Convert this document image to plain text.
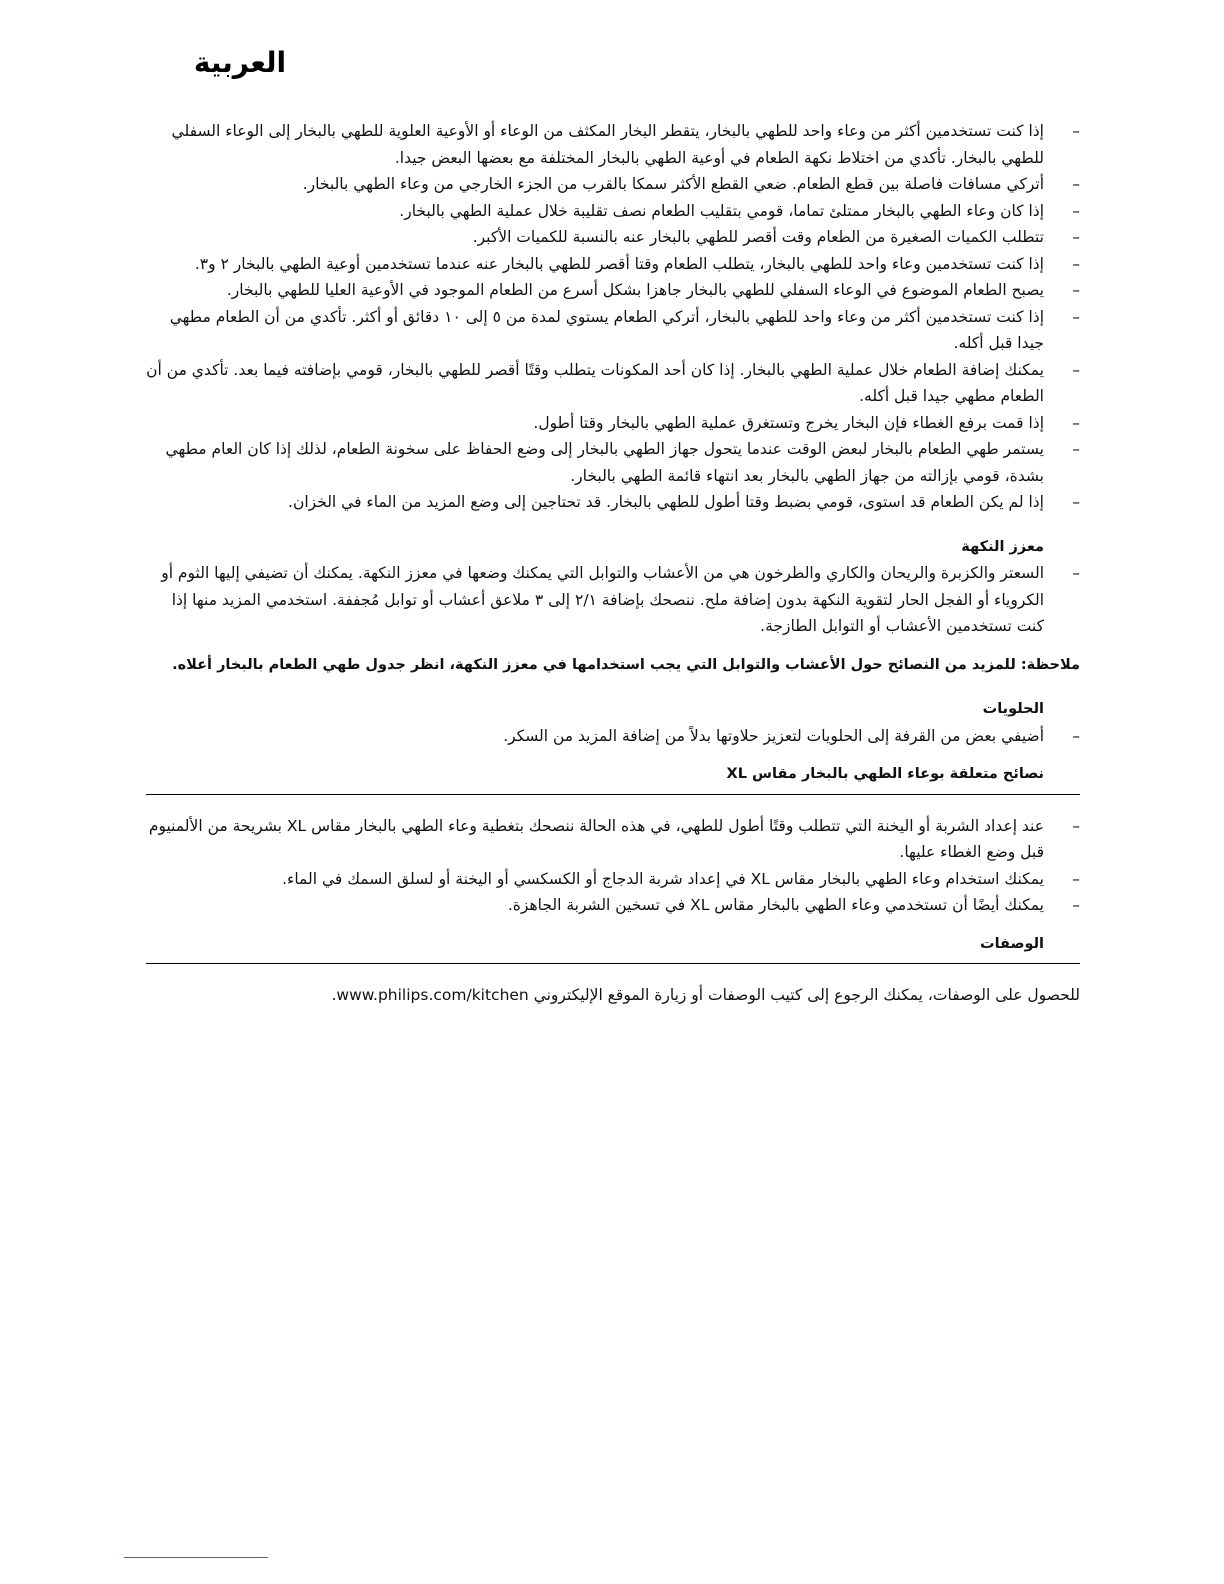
العربية
–
إذا كنت تستخدمين أكثر من وعاء واحد للطهي بالبخار، يتقطر البخار المكثف من الوعاء أو الأوعية العلوية للطهي بالبخار إلى الوعاء السفلي للطهي بالبخار. تأكدي من اختلاط نكهة الطعام في أوعية الطهي بالبخار المختلفة مع بعضها البعض جيدا.
–
أتركي مسافات فاصلة بين قطع الطعام. ضعي القطع الأكثر سمكا بالقرب من الجزء الخارجي من وعاء الطهي بالبخار.
–
إذا كان وعاء الطهي بالبخار ممتلئ تماما، قومي بتقليب الطعام نصف تقليبة خلال عملية الطهي بالبخار.
–
تتطلب الكميات الصغيرة من الطعام وقت أقصر للطهي بالبخار عنه بالنسبة للكميات الأكبر.
–
إذا كنت تستخدمين وعاء واحد للطهي بالبخار، يتطلب الطعام وقتا أقصر للطهي بالبخار عنه عندما تستخدمين أوعية الطهي بالبخار ٢ و٣.
–
يصبح الطعام الموضوع في الوعاء السفلي للطهي بالبخار جاهزا بشكل أسرع من الطعام الموجود في الأوعية العليا للطهي بالبخار.
–
إذا كنت تستخدمين أكثر من وعاء واحد للطهي بالبخار، أتركي الطعام يستوي لمدة من ٥ إلى ١٠ دقائق أو أكثر. تأكدي من أن الطعام مطهي جيدا قبل أكله.
–
يمكنك إضافة الطعام خلال عملية الطهي بالبخار. إذا كان أحد المكونات يتطلب وقتًا أقصر للطهي بالبخار، قومي بإضافته فيما بعد. تأكدي من أن الطعام مطهي جيدا قبل أكله.
–
إذا قمت برفع الغطاء فإن البخار يخرج وتستغرق عملية الطهي بالبخار وقتا أطول.
–
يستمر طهي الطعام بالبخار لبعض الوقت عندما يتحول جهاز الطهي بالبخار إلى وضع الحفاظ على سخونة الطعام، لذلك إذا كان العام مطهي بشدة، قومي بإزالته من جهاز الطهي بالبخار بعد انتهاء قائمة الطهي بالبخار.
–
إذا لم يكن الطعام قد استوى، قومي بضبط وقتا أطول للطهي بالبخار. قد تحتاجين إلى وضع المزيد من الماء في الخزان.
معزز النكهة
–
السعتر والكزبرة والريحان والكاري والطرخون هي من الأعشاب والتوابل التي يمكنك وضعها في معزز النكهة. يمكنك أن تضيفي إليها الثوم أو الكروياء أو الفجل الحار لتقوية النكهة بدون إضافة ملح. ننصحك بإضافة ٢/١ إلى ٣ ملاعق أعشاب أو توابل مُجففة. استخدمي المزيد منها إذا كنت تستخدمين الأعشاب أو التوابل الطازجة.
ملاحظة: للمزيد من النصائح حول الأعشاب والتوابل التي يجب استخدامها في معزز النكهة، انظر جدول طهي الطعام بالبخار أعلاه.
الحلويات
–
أضيفي بعض من القرفة إلى الحلويات لتعزيز حلاوتها بدلاً من إضافة المزيد من السكر.
نصائح متعلقة بوعاء الطهي بالبخار مقاس XL
–
عند إعداد الشربة أو اليخنة التي تتطلب وقتًا أطول للطهي، في هذه الحالة ننصحك بتغطية وعاء الطهي بالبخار مقاس XL بشريحة من الألمنيوم قبل وضع الغطاء عليها.
–
يمكنك استخدام وعاء الطهي بالبخار مقاس XL في إعداد شربة الدجاج أو الكسكسي أو اليخنة أو لسلق السمك في الماء.
–
يمكنك أيضًا أن تستخدمي وعاء الطهي بالبخار مقاس XL في تسخين الشربة الجاهزة.
الوصفات
للحصول على الوصفات، يمكنك الرجوع إلى كتيب الوصفات أو زيارة الموقع الإليكتروني www.philips.com/kitchen.
